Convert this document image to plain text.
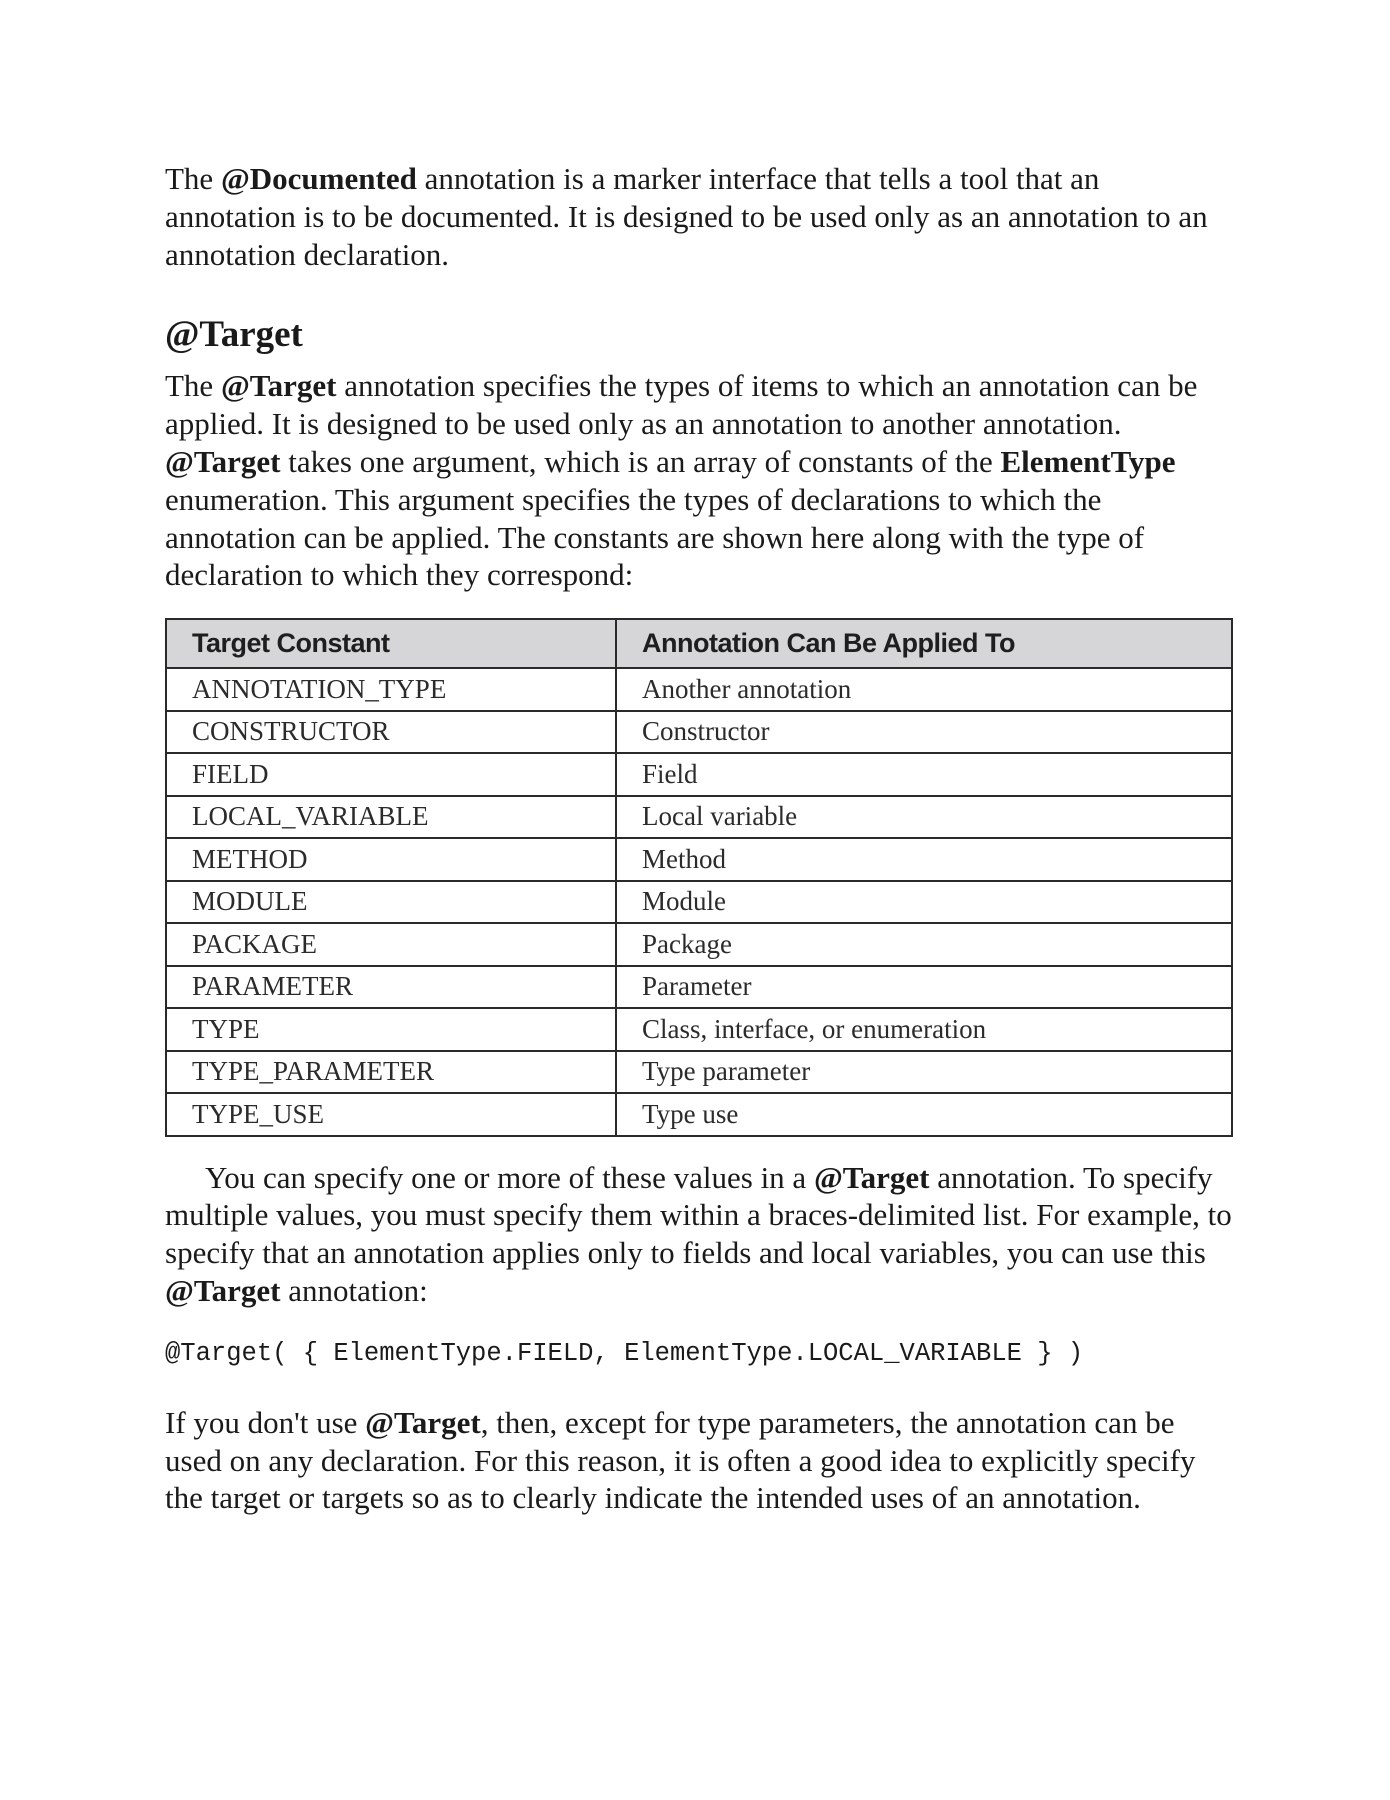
The @Documented annotation is a marker interface that tells a tool that an annotation is to be documented. It is designed to be used only as an annotation to an annotation declaration.

@Target

The @Target annotation specifies the types of items to which an annotation can be applied. It is designed to be used only as an annotation to another annotation. @Target takes one argument, which is an array of constants of the ElementType enumeration. This argument specifies the types of declarations to which the annotation can be applied. The constants are shown here along with the type of declaration to which they correspond:

Target Constant	Annotation Can Be Applied To
ANNOTATION_TYPE	Another annotation
CONSTRUCTOR	Constructor
FIELD	Field
LOCAL_VARIABLE	Local variable
METHOD	Method
MODULE	Module
PACKAGE	Package
PARAMETER	Parameter
TYPE	Class, interface, or enumeration
TYPE_PARAMETER	Type parameter
TYPE_USE	Type use

You can specify one or more of these values in a @Target annotation. To specify multiple values, you must specify them within a braces-delimited list. For example, to specify that an annotation applies only to fields and local variables, you can use this @Target annotation:

@Target( { ElementType.FIELD, ElementType.LOCAL_VARIABLE } )

If you don't use @Target, then, except for type parameters, the annotation can be used on any declaration. For this reason, it is often a good idea to explicitly specify the target or targets so as to clearly indicate the intended uses of an annotation.
